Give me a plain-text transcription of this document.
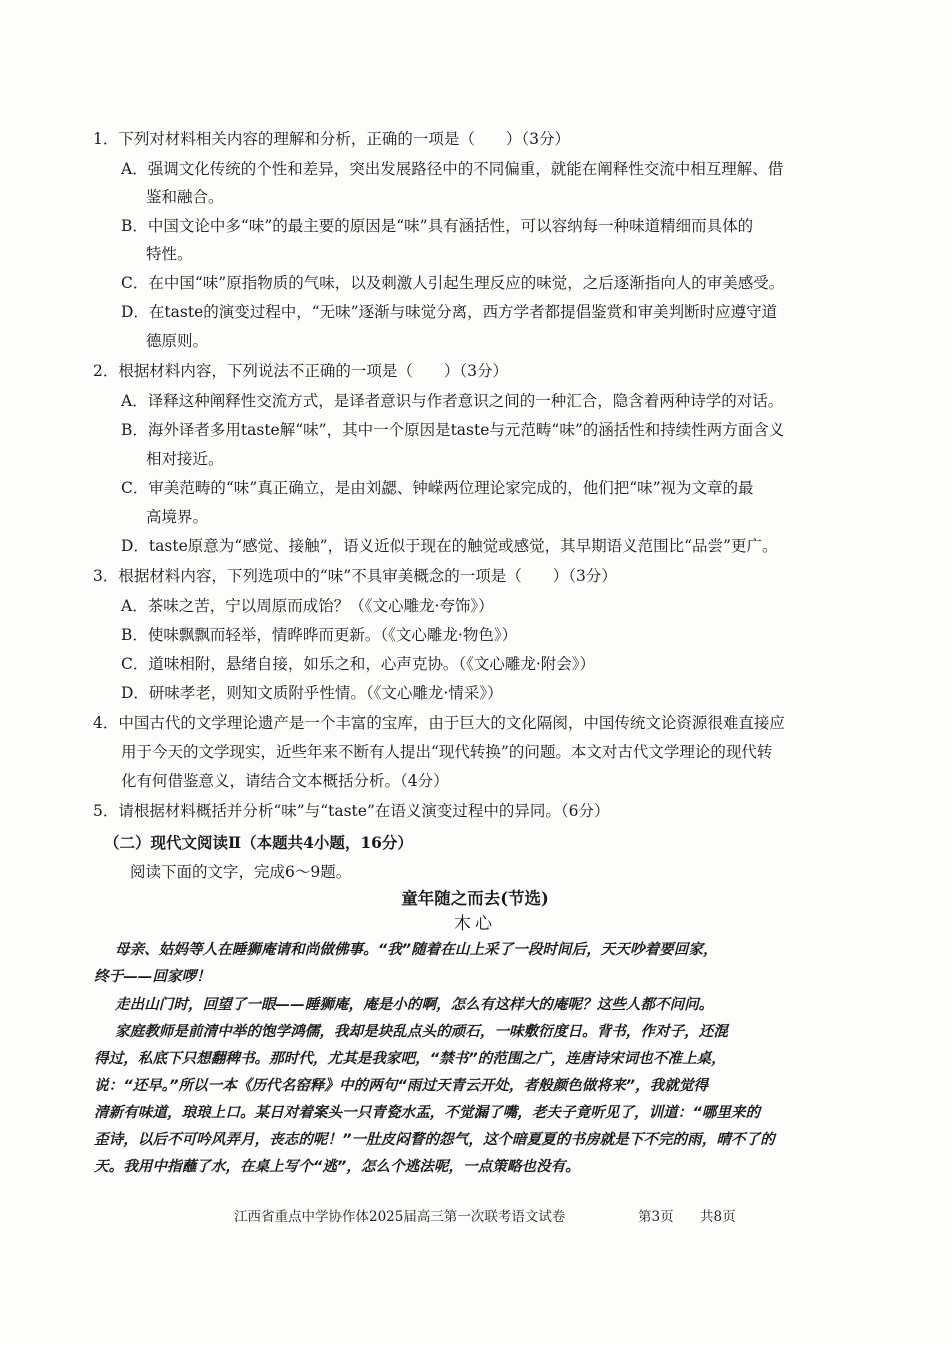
1．下列对材料相关内容的理解和分析，正确的一项是（　　）（3分）
A．强调文化传统的个性和差异，突出发展路径中的不同偏重，就能在阐释性交流中相互理解、借
鉴和融合。
B．中国文论中多“味”的最主要的原因是“味”具有涵括性，可以容纳每一种味道精细而具体的
特性。
C．在中国“味”原指物质的气味，以及刺激人引起生理反应的味觉，之后逐渐指向人的审美感受。
D．在taste的演变过程中，“无味”逐渐与味觉分离，西方学者都提倡鉴赏和审美判断时应遵守道
德原则。
2．根据材料内容，下列说法不正确的一项是（　　）（3分）
A．译释这种阐释性交流方式，是译者意识与作者意识之间的一种汇合，隐含着两种诗学的对话。
B．海外译者多用taste解“味”，其中一个原因是taste与元范畴“味”的涵括性和持续性两方面含义
相对接近。
C．审美范畴的“味”真正确立，是由刘勰、钟嵘两位理论家完成的，他们把“味”视为文章的最
高境界。
D．taste原意为“感觉、接触”，语义近似于现在的触觉或感觉，其早期语义范围比“品尝”更广。
3．根据材料内容，下列选项中的“味”不具审美概念的一项是（　　）（3分）
A．茶味之苦，宁以周原而成饴？（《文心雕龙·夸饰》）
B．使味飘飘而轻举，情晔晔而更新。（《文心雕龙·物色》）
C．道味相附，悬绪自接，如乐之和，心声克协。（《文心雕龙·附会》）
D．研味孝老，则知文质附乎性情。（《文心雕龙·情采》）
4．中国古代的文学理论遗产是一个丰富的宝库，由于巨大的文化隔阂，中国传统文论资源很难直接应
用于今天的文学现实，近些年来不断有人提出“现代转换”的问题。本文对古代文学理论的现代转
化有何借鉴意义，请结合文本概括分析。（4分）
5．请根据材料概括并分析“味”与“taste”在语义演变过程中的异同。（6分）
（二）现代文阅读Ⅱ（本题共4小题，16分）
阅读下面的文字，完成6～9题。
童年随之而去(节选)
木心
母亲、姑妈等人在睡狮庵请和尚做佛事。“我”随着在山上采了一段时间后，天天吵着要回家，
终于——回家啰！
走出山门时，回望了一眼——睡狮庵，庵是小的啊，怎么有这样大的庵呢？这些人都不问问。
家庭教师是前清中举的饱学鸿儒，我却是块乱点头的顽石，一味敷衍度日。背书，作对子，还混
得过，私底下只想翻稗书。那时代，尤其是我家吧，“禁书”的范围之广，连唐诗宋词也不准上桌，
说：“还早。”所以一本《历代名窑释》中的两句“雨过天青云开处，者般颜色做将来”，我就觉得
清新有味道，琅琅上口。某日对着案头一只青瓷水盂，不觉漏了嘴，老夫子竟听见了，训道：“哪里来的
歪诗，以后不可吟风弄月，丧志的呢！”一肚皮闷瞀的怨气，这个暗夏夏的书房就是下不完的雨，晴不了的
天。我用中指蘸了水，在桌上写个“逃”，怎么个逃法呢，一点策略也没有。
江西省重点中学协作体2025届高三第一次联考语文试卷	第3页 共8页
